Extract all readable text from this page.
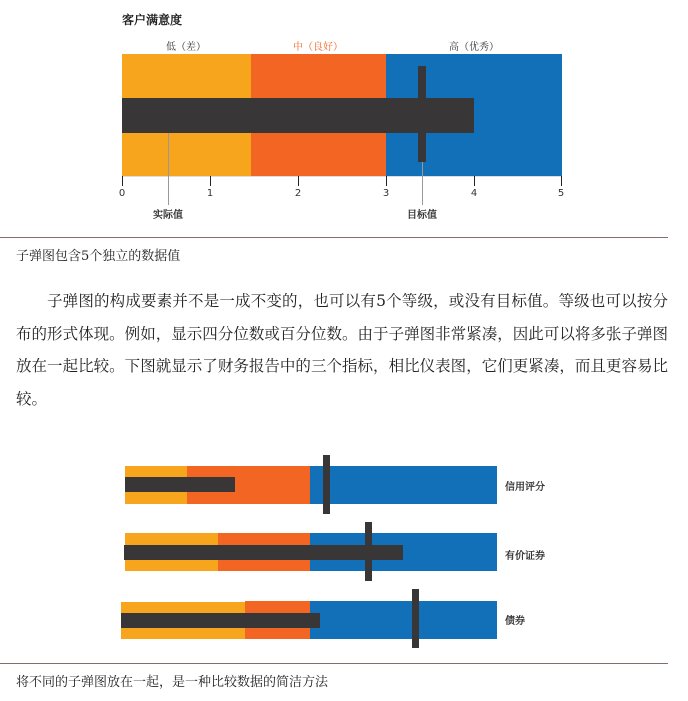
客户满意度
低（差）	中（良好）	高（优秀）
0	1	2	3	4	5
实际值	目标值
子弹图包含5个独立的数据值
子弹图的构成要素并不是一成不变的，也可以有5个等级，或没有目标值。等级也可以按分布的形式体现。例如，显示四分位数或百分位数。由于子弹图非常紧凑，因此可以将多张子弹图放在一起比较。下图就显示了财务报告中的三个指标，相比仪表图，它们更紧凑，而且更容易比较。
信用评分
有价证券
债券
将不同的子弹图放在一起，是一种比较数据的简洁方法
